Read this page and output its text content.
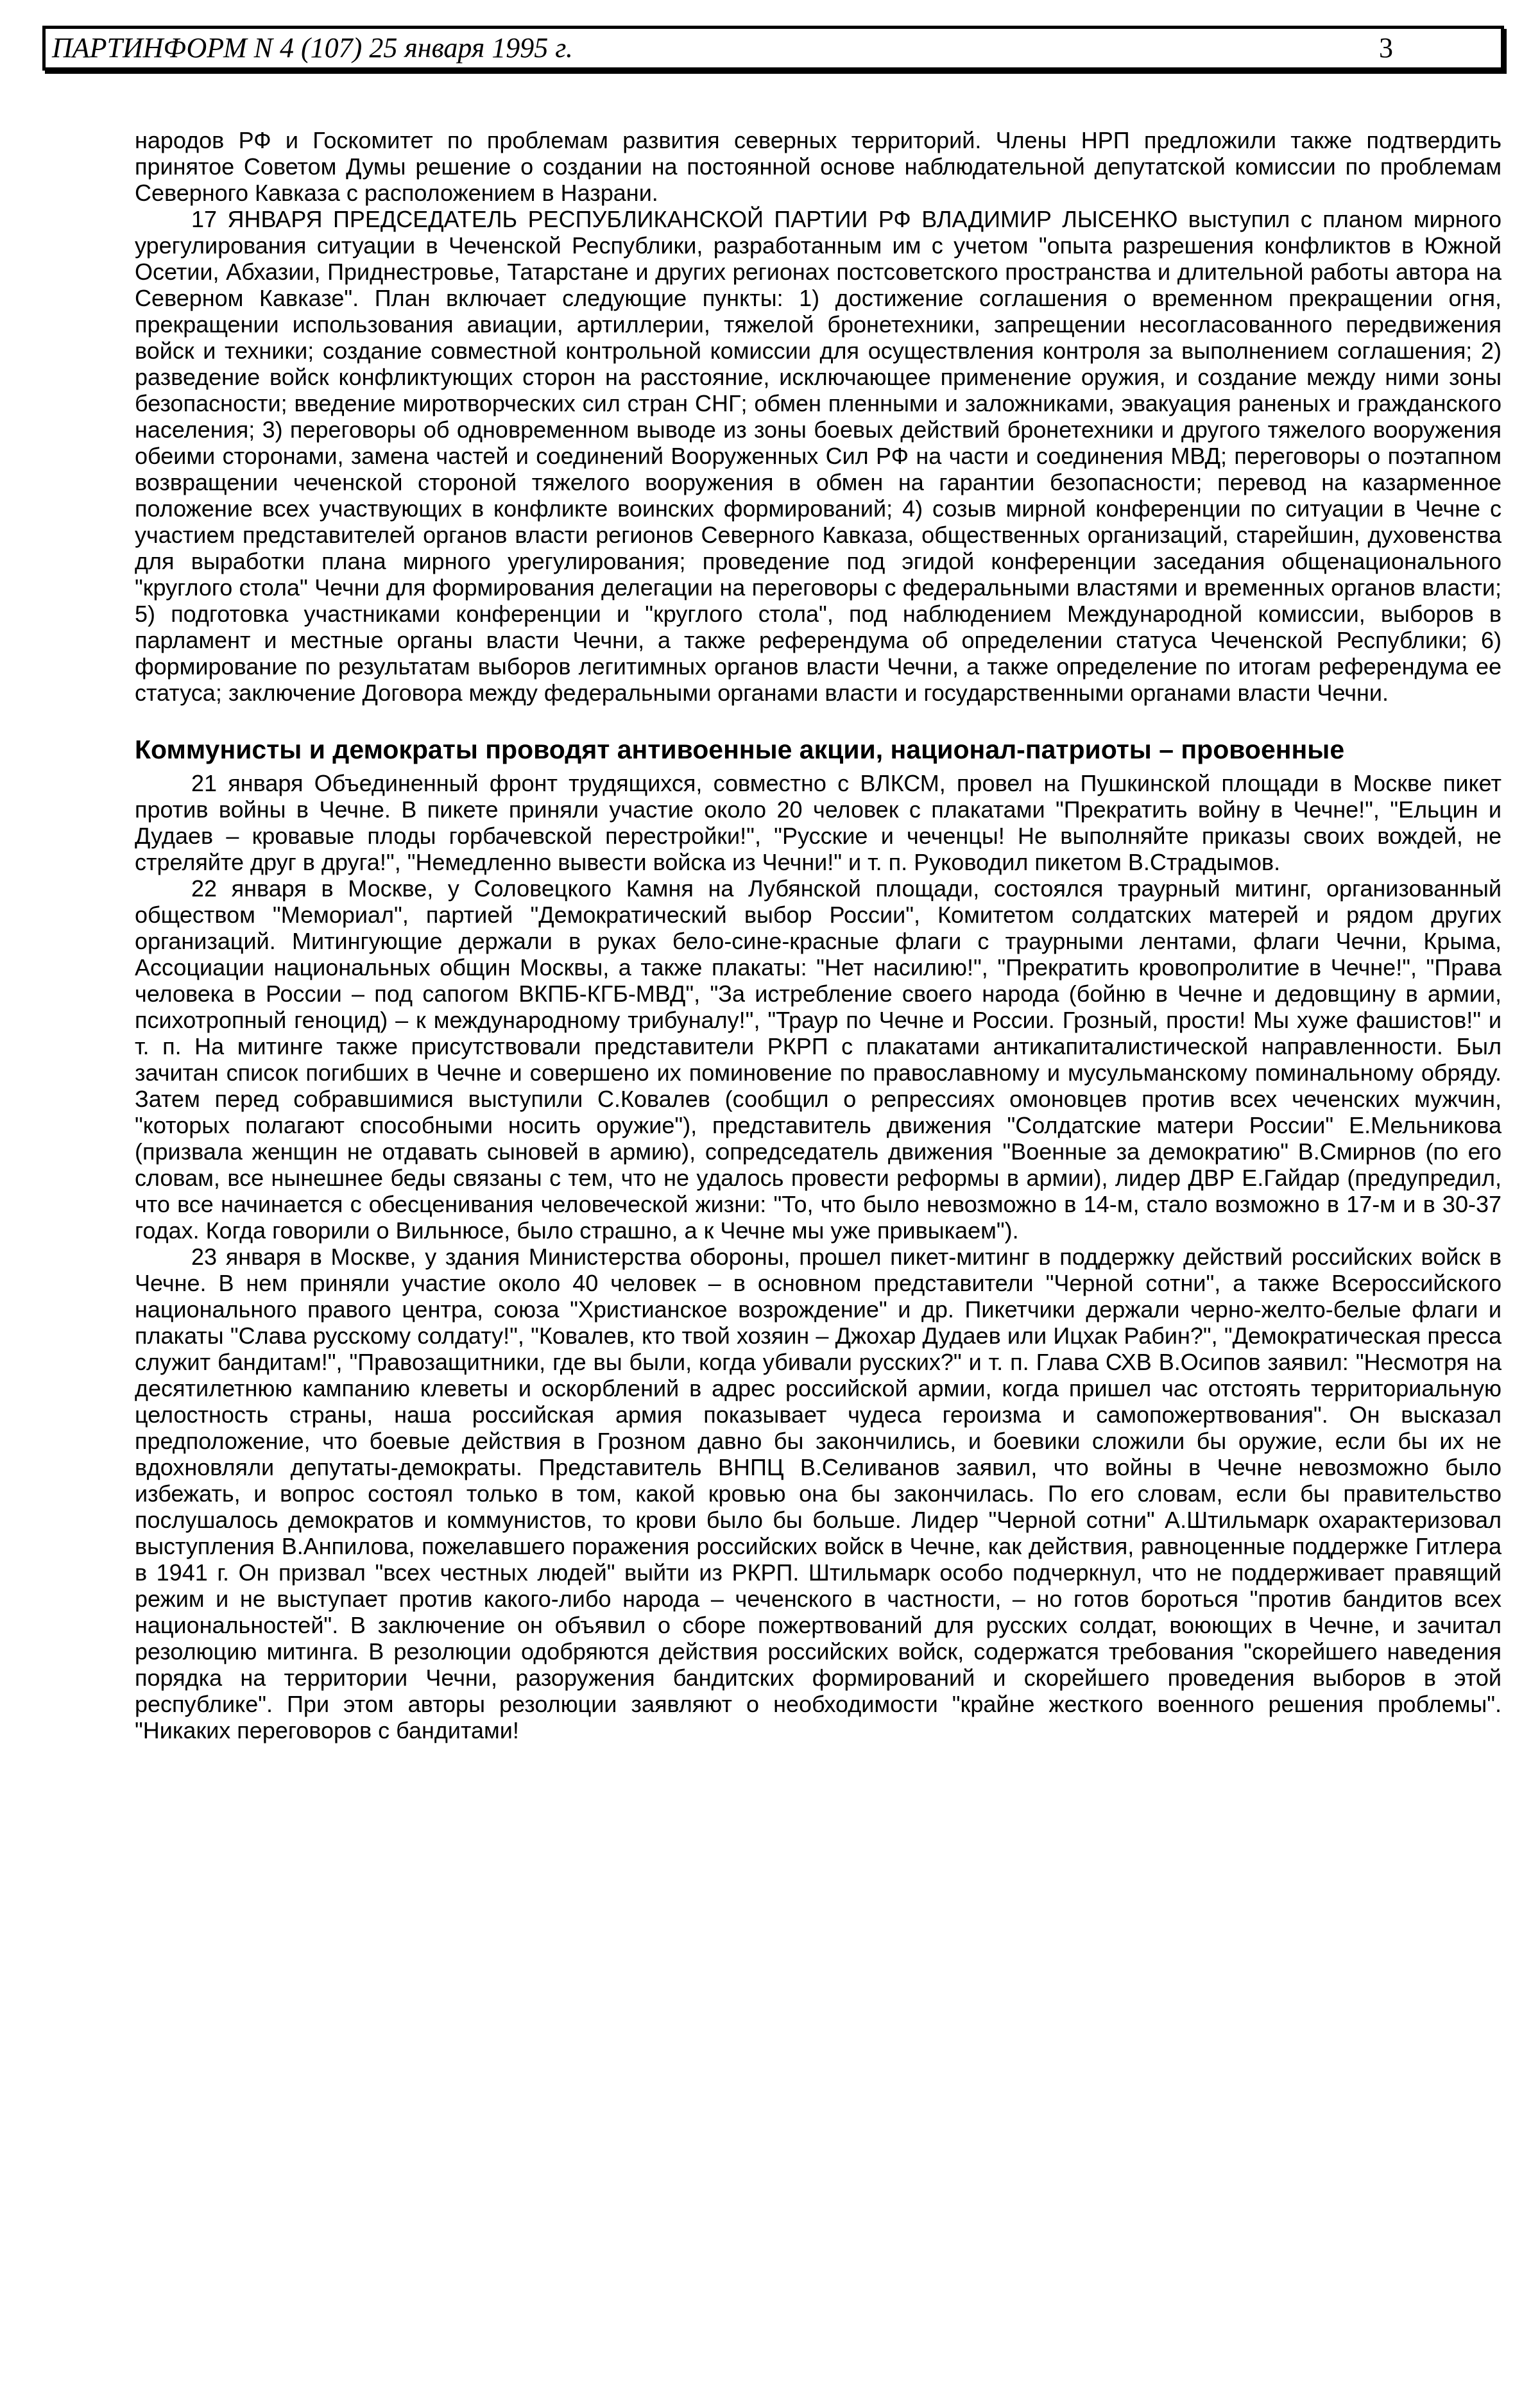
ПАРТИНФОРМ N 4 (107) 25 января 1995 г.	3

народов РФ и Госкомитет по проблемам развития северных территорий. Члены НРП предложили также подтвердить принятое Советом Думы решение о создании на постоянной основе наблюдательной депутатской комиссии по проблемам Северного Кавказа с расположением в Назрани.

17 ЯНВАРЯ ПРЕДСЕДАТЕЛЬ РЕСПУБЛИКАНСКОЙ ПАРТИИ РФ ВЛАДИМИР ЛЫСЕНКО выступил с планом мирного урегулирования ситуации в Чеченской Республики, разработанным им с учетом "опыта разрешения конфликтов в Южной Осетии, Абхазии, Приднестровье, Татарстане и других регионах постсоветского пространства и длительной работы автора на Северном Кавказе". План включает следующие пункты: 1) достижение соглашения о временном прекращении огня, прекращении использования авиации, артиллерии, тяжелой бронетехники, запрещении несогласованного передвижения войск и техники; создание совместной контрольной комиссии для осуществления контроля за выполнением соглашения; 2) разведение войск конфликтующих сторон на расстояние, исключающее применение оружия, и создание между ними зоны безопасности; введение миротворческих сил стран СНГ; обмен пленными и заложниками, эвакуация раненых и гражданского населения; 3) переговоры об одновременном выводе из зоны боевых действий бронетехники и другого тяжелого вооружения обеими сторонами, замена частей и соединений Вооруженных Сил РФ на части и соединения МВД; переговоры о поэтапном возвращении чеченской стороной тяжелого вооружения в обмен на гарантии безопасности; перевод на казарменное положение всех участвующих в конфликте воинских формирований; 4) созыв мирной конференции по ситуации в Чечне с участием представителей органов власти регионов Северного Кавказа, общественных организаций, старейшин, духовенства для выработки плана мирного урегулирования; проведение под эгидой конференции заседания общенационального "круглого стола" Чечни для формирования делегации на переговоры с федеральными властями и временных органов власти; 5) подготовка участниками конференции и "круглого стола", под наблюдением Международной комиссии, выборов в парламент и местные органы власти Чечни, а также референдума об определении статуса Чеченской Республики; 6) формирование по результатам выборов легитимных органов власти Чечни, а также определение по итогам референдума ее статуса; заключение Договора между федеральными органами власти и государственными органами власти Чечни.

Коммунисты и демократы проводят антивоенные акции, национал-патриоты – провоенные

21 января Объединенный фронт трудящихся, совместно с ВЛКСМ, провел на Пушкинской площади в Москве пикет против войны в Чечне. В пикете приняли участие около 20 человек с плакатами "Прекратить войну в Чечне!", "Ельцин и Дудаев – кровавые плоды горбачевской перестройки!", "Русские и чеченцы! Не выполняйте приказы своих вождей, не стреляйте друг в друга!", "Немедленно вывести войска из Чечни!" и т. п. Руководил пикетом В.Страдымов.

22 января в Москве, у Соловецкого Камня на Лубянской площади, состоялся траурный митинг, организованный обществом "Мемориал", партией "Демократический выбор России", Комитетом солдатских матерей и рядом других организаций. Митингующие держали в руках бело-сине-красные флаги с траурными лентами, флаги Чечни, Крыма, Ассоциации национальных общин Москвы, а также плакаты: "Нет насилию!", "Прекратить кровопролитие в Чечне!", "Права человека в России – под сапогом ВКПБ-КГБ-МВД", "За истребление своего народа (бойню в Чечне и дедовщину в армии, психотропный геноцид) – к международному трибуналу!", "Траур по Чечне и России. Грозный, прости! Мы хуже фашистов!" и т. п. На митинге также присутствовали представители РКРП с плакатами антикапиталистической направленности. Был зачитан список погибших в Чечне и совершено их поминовение по православному и мусульманскому поминальному обряду. Затем перед собравшимися выступили С.Ковалев (сообщил о репрессиях омоновцев против всех чеченских мужчин, "которых полагают способными носить оружие"), представитель движения "Солдатские матери России" Е.Мельникова (призвала женщин не отдавать сыновей в армию), сопредседатель движения "Военные за демократию" В.Смирнов (по его словам, все нынешнее беды связаны с тем, что не удалось провести реформы в армии), лидер ДВР Е.Гайдар (предупредил, что все начинается с обесценивания человеческой жизни: "То, что было невозможно в 14-м, стало возможно в 17-м и в 30-37 годах. Когда говорили о Вильнюсе, было страшно, а к Чечне мы уже привыкаем").

23 января в Москве, у здания Министерства обороны, прошел пикет-митинг в поддержку действий российских войск в Чечне. В нем приняли участие около 40 человек – в основном представители "Черной сотни", а также Всероссийского национального правого центра, союза "Христианское возрождение" и др. Пикетчики держали черно-желто-белые флаги и плакаты "Слава русскому солдату!", "Ковалев, кто твой хозяин – Джохар Дудаев или Ицхак Рабин?", "Демократическая пресса служит бандитам!", "Правозащитники, где вы были, когда убивали русских?" и т. п. Глава СХВ В.Осипов заявил: "Несмотря на десятилетнюю кампанию клеветы и оскорблений в адрес российской армии, когда пришел час отстоять территориальную целостность страны, наша российская армия показывает чудеса героизма и самопожертвования". Он высказал предположение, что боевые действия в Грозном давно бы закончились, и боевики сложили бы оружие, если бы их не вдохновляли депутаты-демократы. Представитель ВНПЦ В.Селиванов заявил, что войны в Чечне невозможно было избежать, и вопрос состоял только в том, какой кровью она бы закончилась. По его словам, если бы правительство послушалось демократов и коммунистов, то крови было бы больше. Лидер "Черной сотни" А.Штильмарк охарактеризовал выступления В.Анпилова, пожелавшего поражения российских войск в Чечне, как действия, равноценные поддержке Гитлера в 1941 г. Он призвал "всех честных людей" выйти из РКРП. Штильмарк особо подчеркнул, что не поддерживает правящий режим и не выступает против какого-либо народа – чеченского в частности, – но готов бороться "против бандитов всех национальностей". В заключение он объявил о сборе пожертвований для русских солдат, воюющих в Чечне, и зачитал резолюцию митинга. В резолюции одобряются действия российских войск, содержатся требования "скорейшего наведения порядка на территории Чечни, разоружения бандитских формирований и скорейшего проведения выборов в этой республике". При этом авторы резолюции заявляют о необходимости "крайне жесткого военного решения проблемы". "Никаких переговоров с бандитами!
